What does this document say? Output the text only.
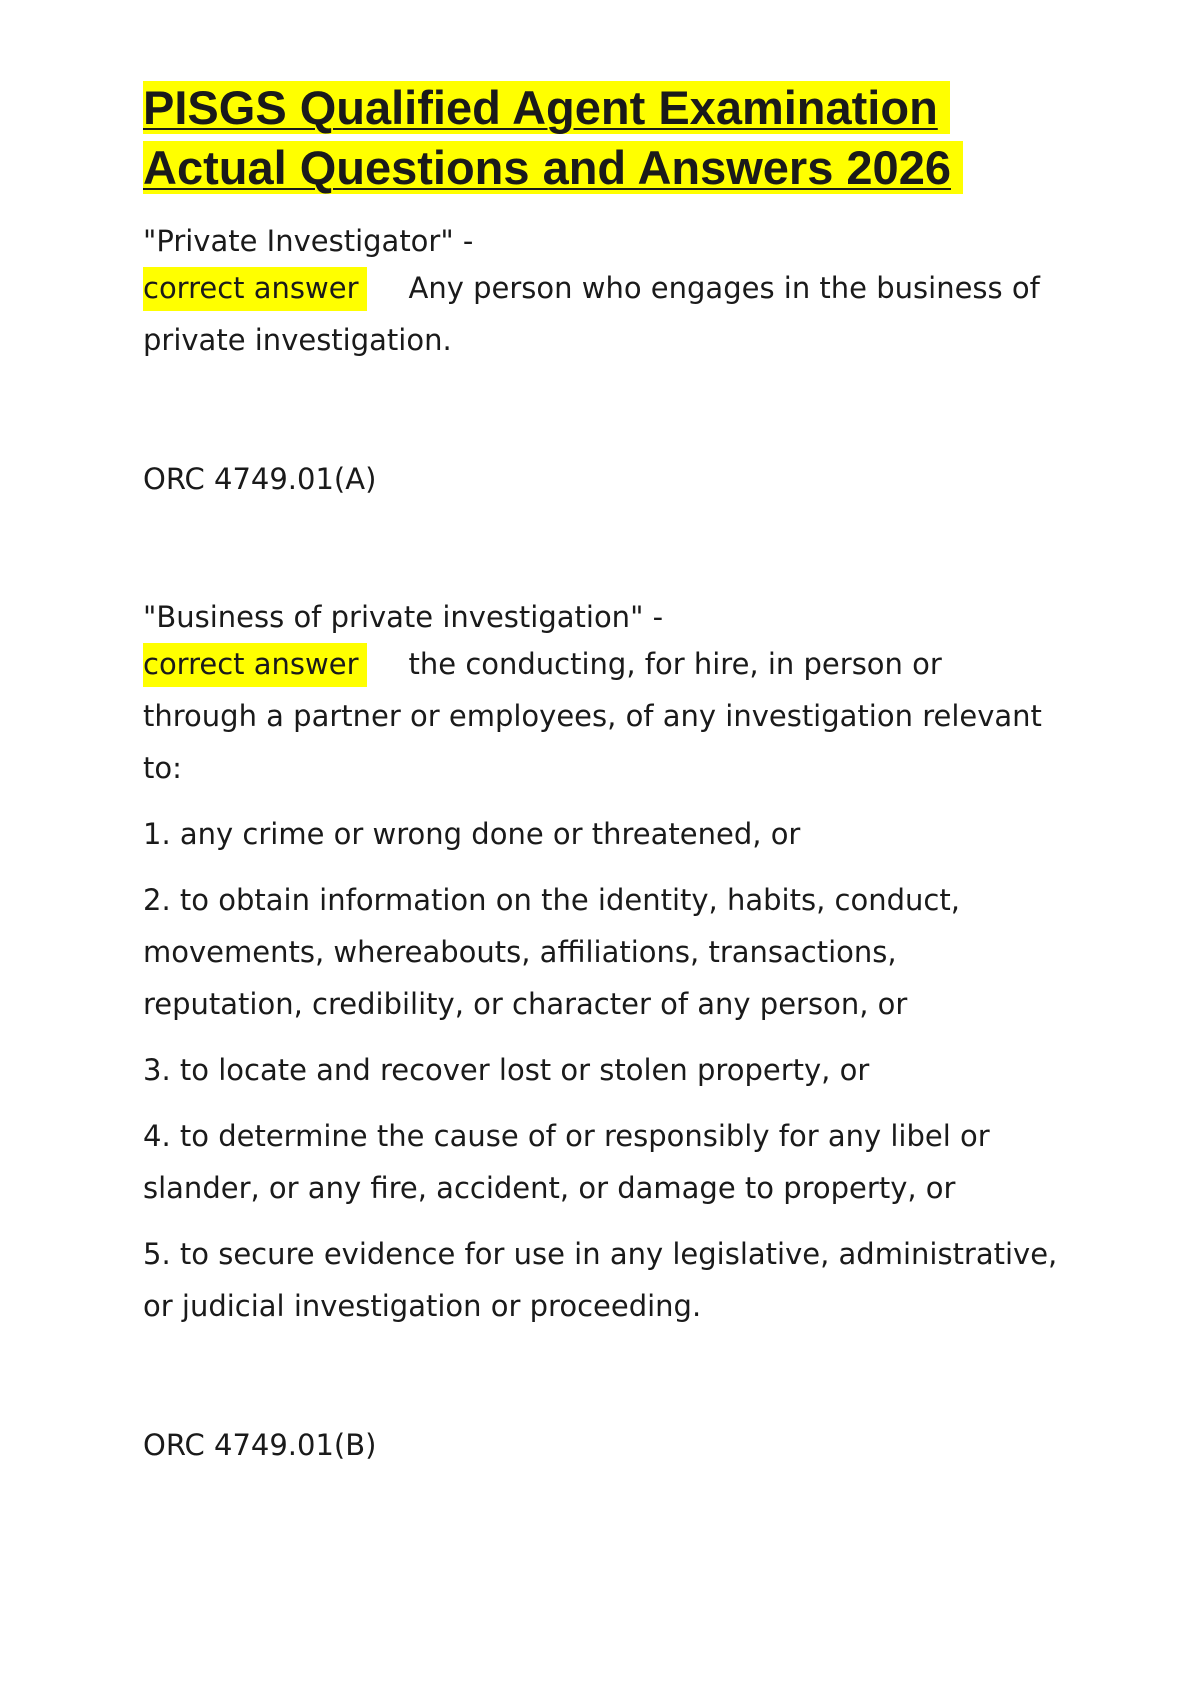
PISGS Qualified Agent Examination Actual Questions and Answers 2026

"Private Investigator" -

correct answer Any person who engages in the business of private investigation.

ORC 4749.01(A)

"Business of private investigation" -

correct answer the conducting, for hire, in person or through a partner or employees, of any investigation relevant to:

1. any crime or wrong done or threatened, or

2. to obtain information on the identity, habits, conduct, movements, whereabouts, affiliations, transactions, reputation, credibility, or character of any person, or

3. to locate and recover lost or stolen property, or

4. to determine the cause of or responsibly for any libel or slander, or any fire, accident, or damage to property, or

5. to secure evidence for use in any legislative, administrative, or judicial investigation or proceeding.

ORC 4749.01(B)
